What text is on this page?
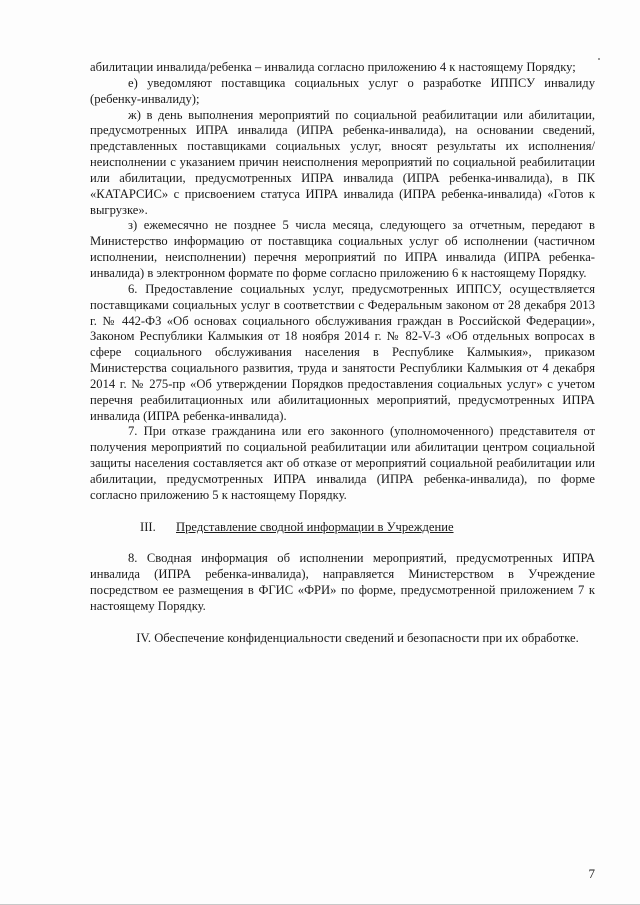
абилитации инвалида/ребенка – инвалида согласно приложению 4 к настоящему Порядку;

е) уведомляют поставщика социальных услуг о разработке ИППСУ инвалиду (ребенку-инвалиду);

ж) в день выполнения мероприятий по социальной реабилитации или абилитации, предусмотренных ИПРА инвалида (ИПРА ребенка-инвалида), на основании сведений, представленных поставщиками социальных услуг, вносят результаты их исполнения/неисполнении с указанием причин неисполнения мероприятий по социальной реабилитации или абилитации, предусмотренных ИПРА инвалида (ИПРА ребенка-инвалида), в ПК «КАТАРСИС» с присвоением статуса ИПРА инвалида (ИПРА ребенка-инвалида) «Готов к выгрузке».

з) ежемесячно не позднее 5 числа месяца, следующего за отчетным, передают в Министерство информацию от поставщика социальных услуг об исполнении (частичном исполнении, неисполнении) перечня мероприятий по ИПРА инвалида (ИПРА ребенка-инвалида) в электронном формате по форме согласно приложению 6 к настоящему Порядку.

6. Предоставление социальных услуг, предусмотренных ИППСУ, осуществляется поставщиками социальных услуг в соответствии с Федеральным законом от 28 декабря 2013 г. № 442-ФЗ «Об основах социального обслуживания граждан в Российской Федерации», Законом Республики Калмыкия от 18 ноября 2014 г. № 82-V-З «Об отдельных вопросах в сфере социального обслуживания населения в Республике Калмыкия», приказом Министерства социального развития, труда и занятости Республики Калмыкия от 4 декабря 2014 г. № 275-пр «Об утверждении Порядков предоставления социальных услуг» с учетом перечня реабилитационных или абилитационных мероприятий, предусмотренных ИПРА инвалида (ИПРА ребенка-инвалида).

7. При отказе гражданина или его законного (уполномоченного) представителя от получения мероприятий по социальной реабилитации или абилитации центром социальной защиты населения составляется акт об отказе от мероприятий социальной реабилитации или абилитации, предусмотренных ИПРА инвалида (ИПРА ребенка-инвалида), по форме согласно приложению 5 к настоящему Порядку.

III. Представление сводной информации в Учреждение

8. Сводная информация об исполнении мероприятий, предусмотренных ИПРА инвалида (ИПРА ребенка-инвалида), направляется Министерством в Учреждение посредством ее размещения в ФГИС «ФРИ» по форме, предусмотренной приложением 7 к настоящему Порядку.

IV. Обеспечение конфиденциальности сведений и безопасности при их обработке.
7
